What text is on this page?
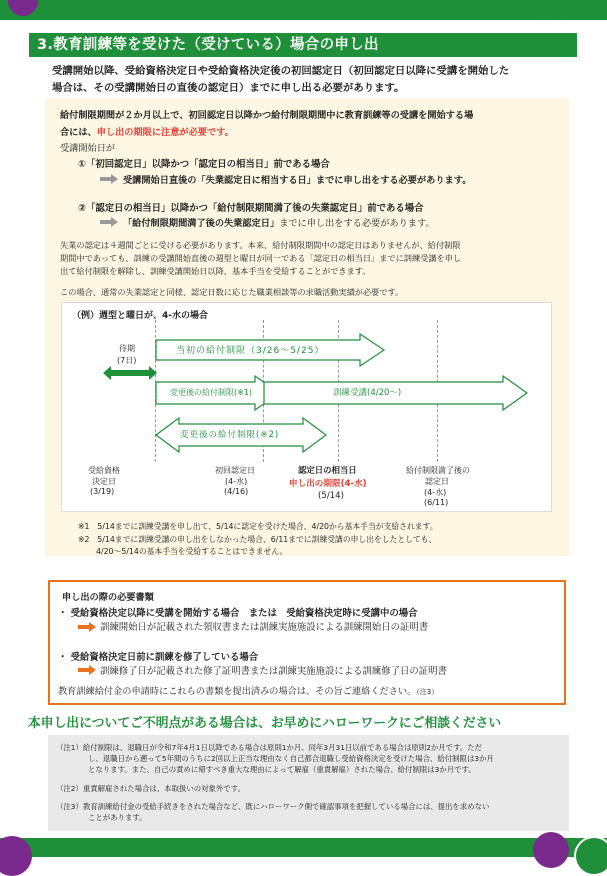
3.教育訓練等を受けた（受けている）場合の申し出
受講開始以降、受給資格決定日や受給資格決定後の初回認定日（初回認定日以降に受講を開始した
場合は、その受講開始日の直後の認定日）までに申し出る必要があります。
給付制限期間が２か月以上で、初回認定日以降かつ給付制限期間中に教育訓練等の受講を開始する場
合には、申し出の期限に注意が必要です。
受講開始日が
①「初回認定日」以降かつ「認定日の相当日」前である場合
受講開始日直後の「失業認定日に相当する日」までに申し出をする必要があります。
②「認定日の相当日」以降かつ「給付制限期間満了後の失業認定日」前である場合
「給付制限期間満了後の失業認定日」までに申し出をする必要があります。
失業の認定は４週間ごとに受ける必要があります。本来、給付制限期間中の認定日はありませんが、給付制限
期間中であっても、訓練の受講開始直後の週型と曜日が同一である「認定日の相当日」までに訓練受講を申し
出て給付制限を解除し、訓練受講開始日以降、基本手当を受給することができます。
この場合、通常の失業認定と同様、認定日数に応じた職業相談等の求職活動実績が必要です。
（例）週型と曜日が、4-水の場合
待期
(7日)
当初の給付制限（3/26～5/25）
変更後の給付制限(※1)	訓練受講(4/20～)
変更後の給付制限(※2)
受給資格
決定日
(3/19)
初回認定日
(4-水)
(4/16)
認定日の相当日
申し出の期限(4-水)
(5/14)
給付制限満了後の
認定日
(4-水)
(6/11)
※1　5/14までに訓練受講を申し出て、5/14に認定を受けた場合、4/20から基本手当が支給されます。
※2　5/14までに訓練受講の申し出をしなかった場合、6/11までに訓練受講の申し出をしたとしても、
4/20～5/14の基本手当を受給することはできません。
申し出の際の必要書類
・ 受給資格決定以降に受講を開始する場合　または　受給資格決定時に受講中の場合
訓練開始日が記載された領収書または訓練実施施設による訓練開始日の証明書
・ 受給資格決定日前に訓練を修了している場合
訓練修了日が記載された修了証明書または訓練実施施設による訓練修了日の証明書
教育訓練給付金の申請時にこれらの書類を提出済みの場合は、その旨ご連絡ください。（注3）
本申し出についてご不明点がある場合は、お早めにハローワークにご相談ください
（注1）給付制限は、退職日が令和7年4月1日以降である場合は原則1か月、同年3月31日以前である場合は原則2か月です。ただ
し、退職日から遡って5年間のうちに2回以上正当な理由なく自己都合退職し受給資格決定を受けた場合、給付制限は3か月
となります。また、自己の責めに帰すべき重大な理由によって解雇（重責解雇）された場合、給付制限は3か月です。
（注2）重責解雇された場合は、本取扱いの対象外です。
（注3）教育訓練給付金の受給手続きをされた場合など、既にハローワーク側で確認事項を把握している場合には、提出を求めない
ことがあります。
